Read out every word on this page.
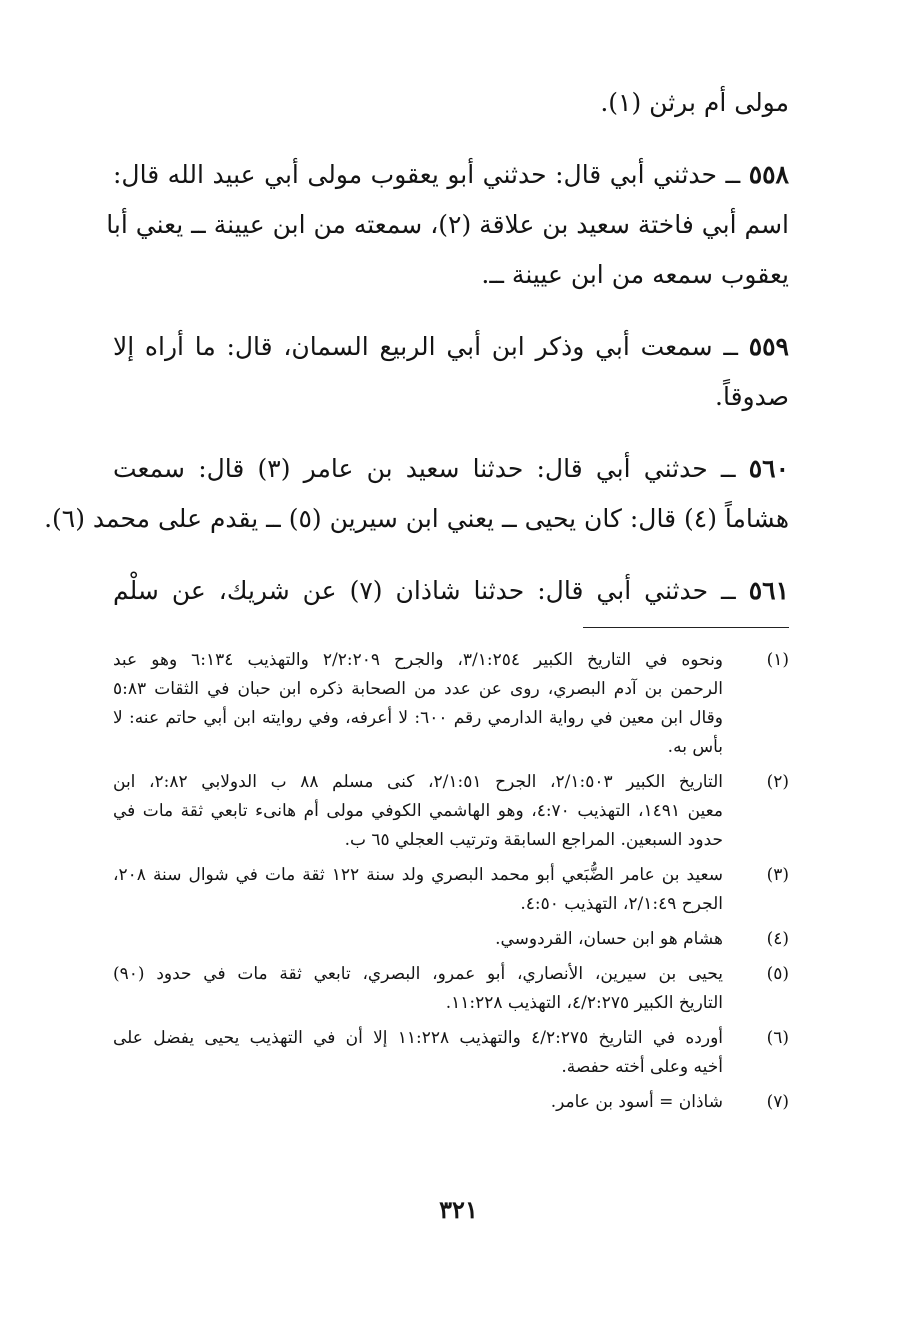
مولى أم برثن (١).
٥٥٨ ــ حدثني أبي قال: حدثني أبو يعقوب مولى أبي عبيد الله قال:
اسم أبي فاختة سعيد بن علاقة (٢)، سمعته من ابن عيينة ــ يعني أبا
يعقوب سمعه من ابن عيينة ــ.
٥٥٩ ــ سمعت أبي وذكر ابن أبي الربيع السمان، قال: ما أراه إلا
صدوقاً.
٥٦٠ ــ حدثني أبي قال: حدثنا سعيد بن عامر (٣) قال: سمعت
هشاماً (٤) قال: كان يحيى ــ يعني ابن سيرين (٥) ــ يقدم على محمد (٦).
٥٦١ ــ حدثني أبي قال: حدثنا شاذان (٧) عن شريك، عن سلْم
(١)
ونحوه في التاريخ الكبير ٣/١:٢٥٤، والجرح ٢/٢:٢٠٩ والتهذيب ٦:١٣٤ وهو عبد
الرحمن بن آدم البصري، روى عن عدد من الصحابة ذكره ابن حبان في الثقات ٥:٨٣
وقال ابن معين في رواية الدارمي رقم ٦٠٠: لا أعرفه، وفي روايته ابن أبي حاتم عنه: لا
بأس به.
(٢)
التاريخ الكبير ٢/١:٥٠٣، الجرح ٢/١:٥١، كنى مسلم ٨٨ ب الدولابي ٢:٨٢، ابن
معين ١٤٩١، التهذيب ٤:٧٠، وهو الهاشمي الكوفي مولى أم هانىء تابعي ثقة مات في
حدود السبعين. المراجع السابقة وترتيب العجلي ٦٥ ب.
(٣)
سعيد بن عامر الضُّبَعي أبو محمد البصري ولد سنة ١٢٢ ثقة مات في شوال سنة ٢٠٨،
الجرح ٢/١:٤٩، التهذيب ٤:٥٠.
(٤)
هشام هو ابن حسان، القردوسي.
(٥)
يحيى بن سيرين، الأنصاري، أبو عمرو، البصري، تابعي ثقة مات في حدود (٩٠)
التاريخ الكبير ٤/٢:٢٧٥، التهذيب ١١:٢٢٨.
(٦)
أورده في التاريخ ٤/٢:٢٧٥ والتهذيب ١١:٢٢٨ إلا أن في التهذيب يحيى يفضل على
أخيه وعلى أخته حفصة.
(٧)
شاذان = أسود بن عامر.
٣٢١
